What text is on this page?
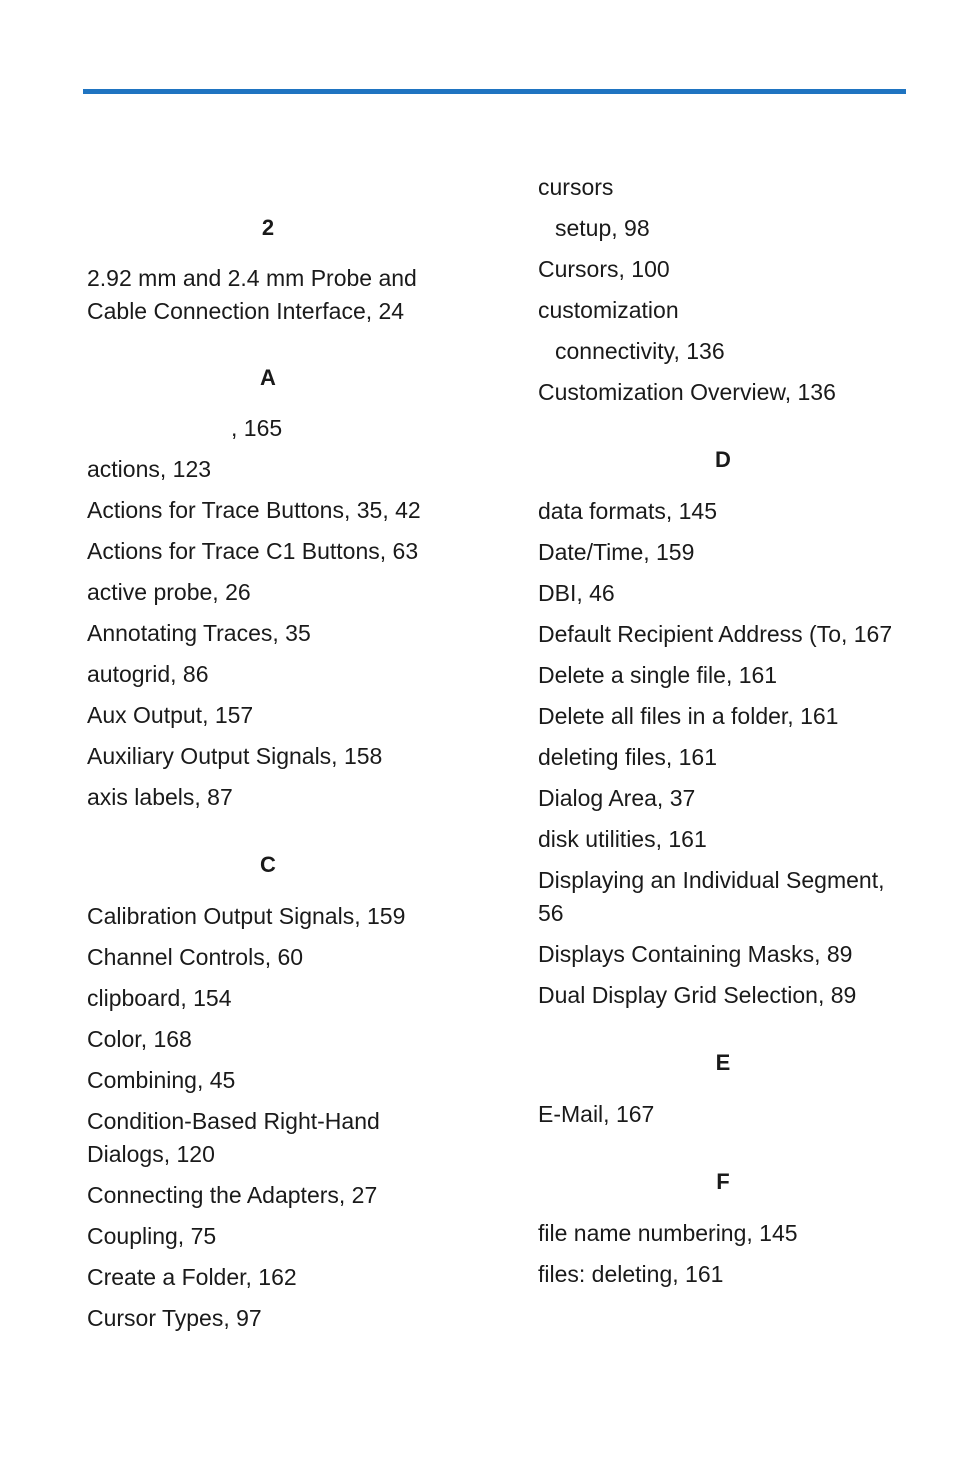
2

2.92 mm and 2.4 mm Probe and Cable Connection Interface, 24

A

, 165

actions, 123

Actions for Trace Buttons, 35, 42

Actions for Trace C1 Buttons, 63

active probe, 26

Annotating Traces, 35

autogrid, 86

Aux Output, 157

Auxiliary Output Signals, 158

axis labels, 87

C

Calibration Output Signals, 159

Channel Controls, 60

clipboard, 154

Color, 168

Combining, 45

Condition-Based Right-Hand Dialogs, 120

Connecting the Adapters, 27

Coupling, 75

Create a Folder, 162

Cursor Types, 97

cursors

setup, 98

Cursors, 100

customization

connectivity, 136

Customization Overview, 136

D

data formats, 145

Date/Time, 159

DBI, 46

Default Recipient Address (To, 167

Delete a single file, 161

Delete all files in a folder, 161

deleting files, 161

Dialog Area, 37

disk utilities, 161

Displaying an Individual Segment, 56

Displays Containing Masks, 89

Dual Display Grid Selection, 89

E

E-Mail, 167

F

file name numbering, 145

files: deleting, 161
